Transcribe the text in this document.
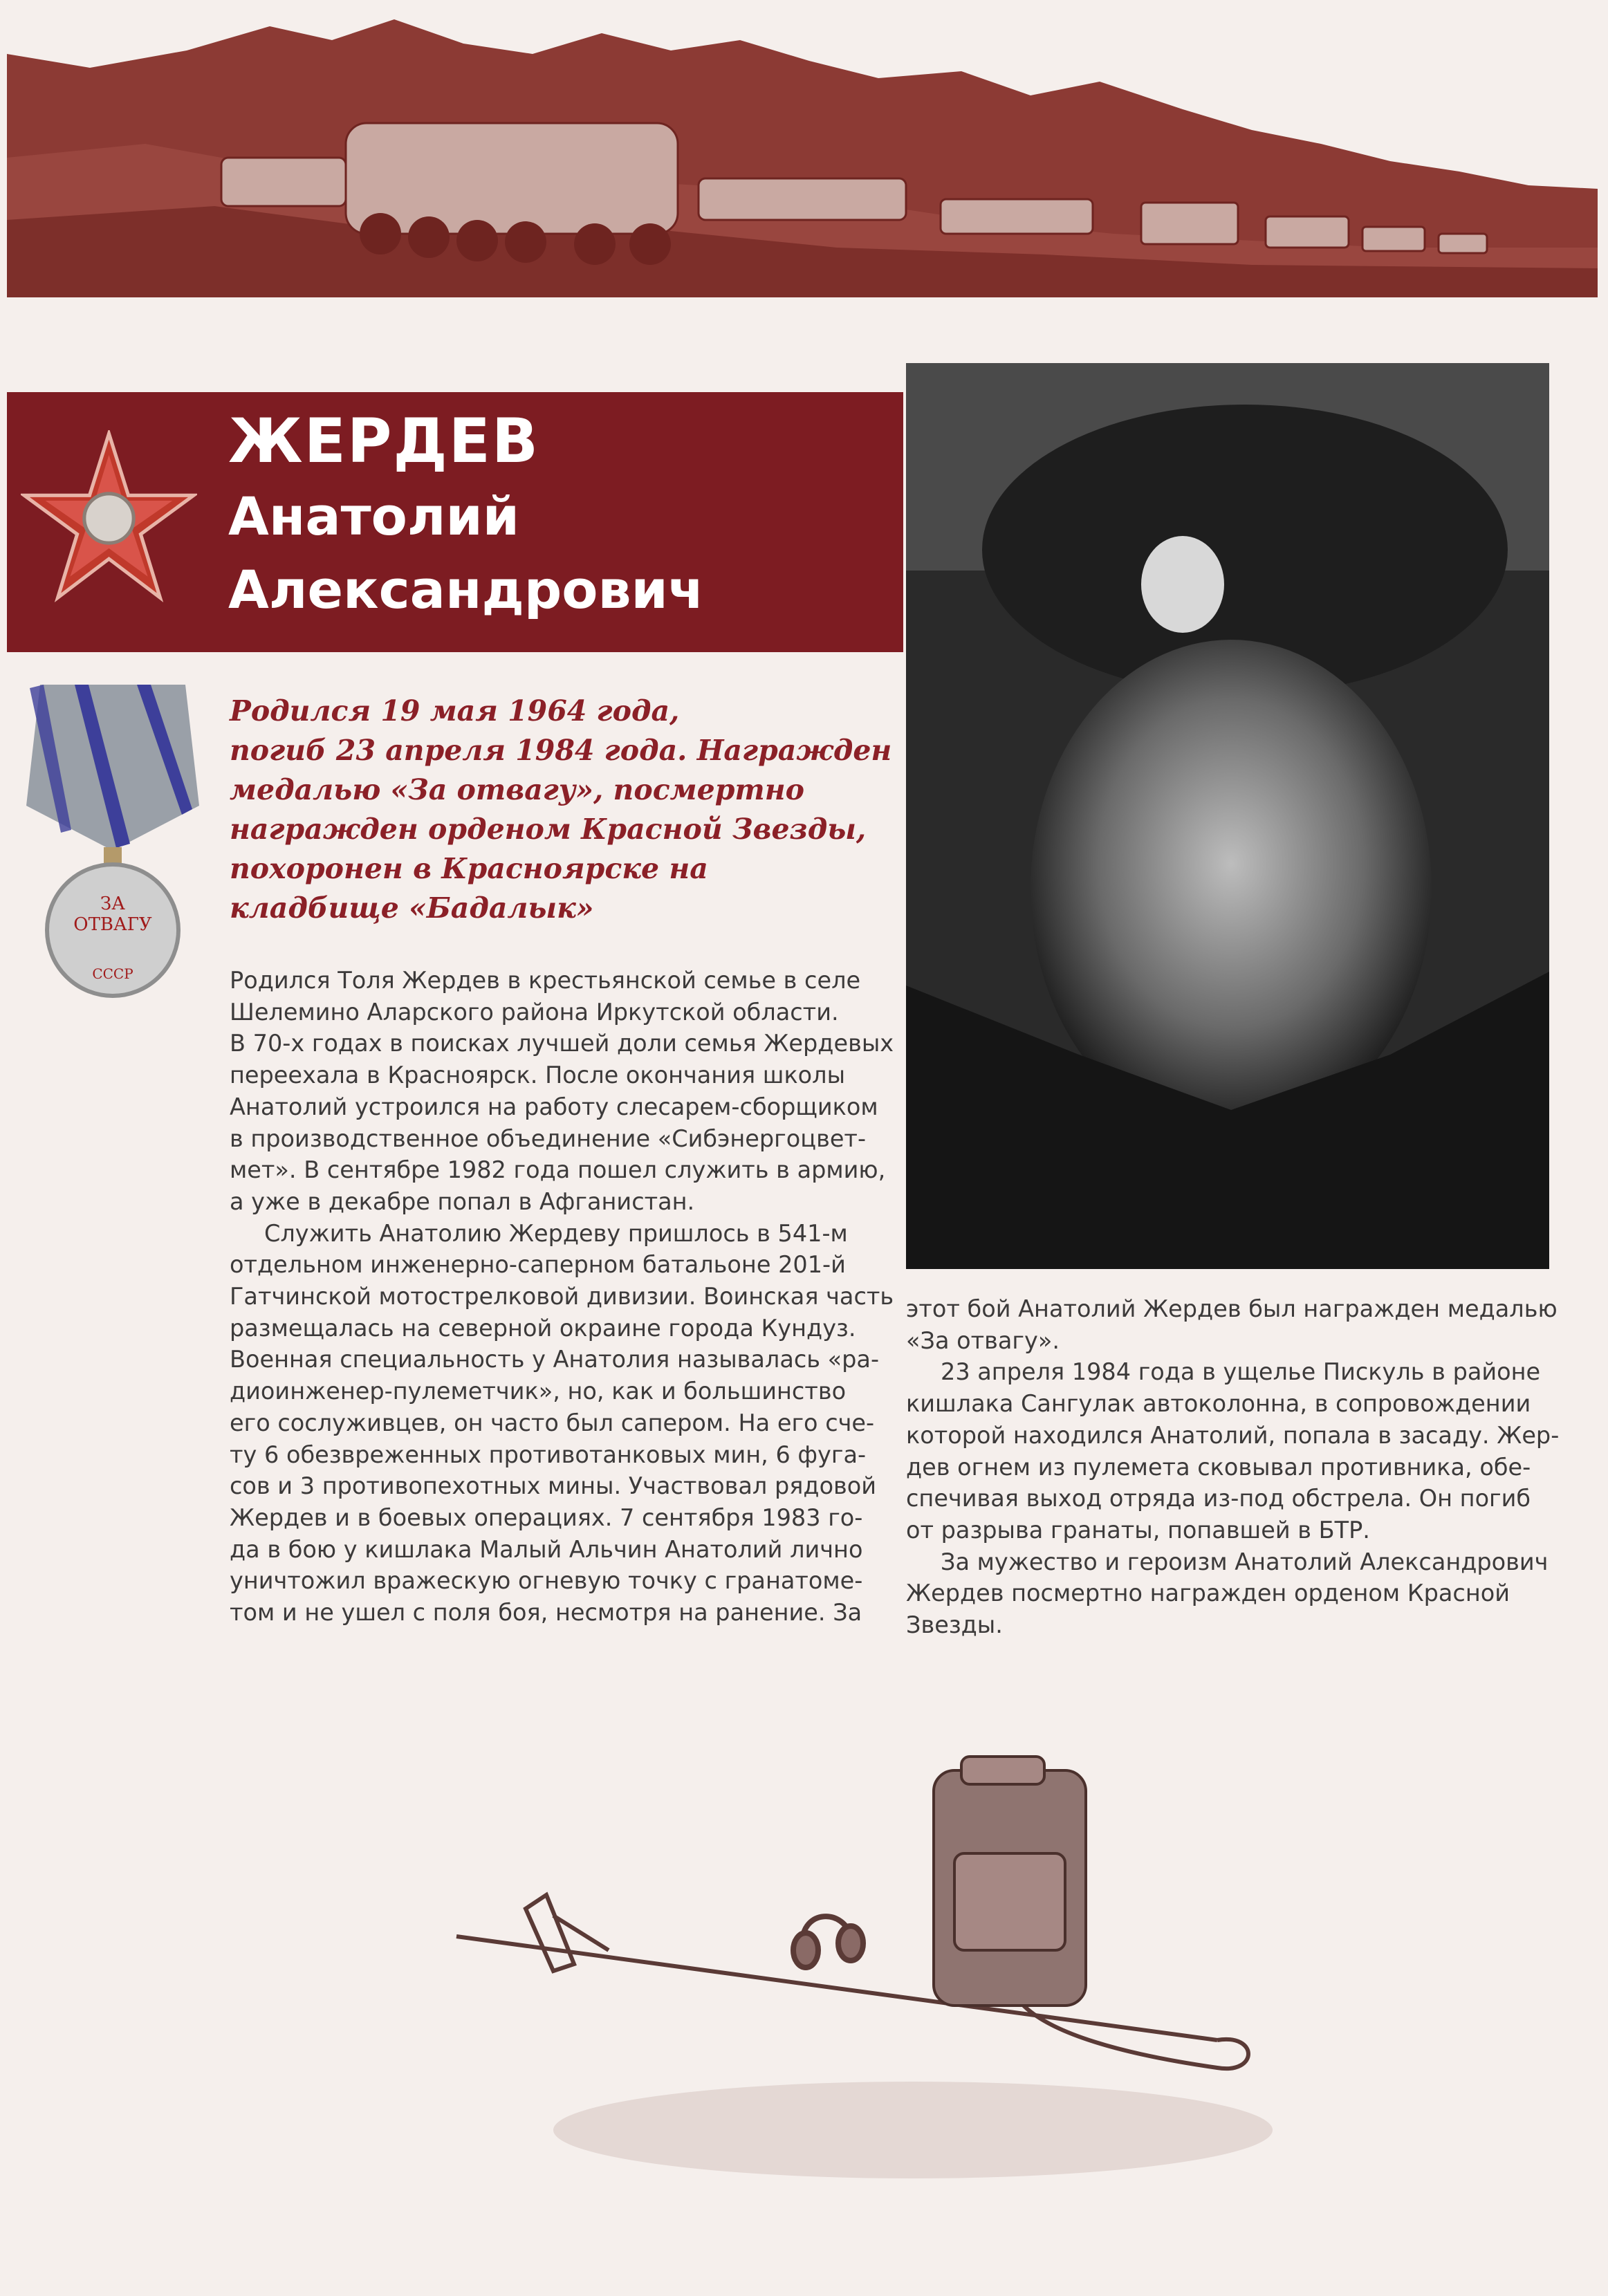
ЖЕРДЕВ
Анатолий
Александрович
ЗА
ОТВАГУ
СССР
Родился 19 мая 1964 года,
погиб 23 апреля 1984 года. Награжден
медалью «За отвагу», посмертно
награжден орденом Красной Звезды,
похоронен в Красноярске на
кладбище «Бадалык»
Родился Толя Жердев в крестьянской семье в селе
Шелемино Аларского района Иркутской области.
В 70-х годах в поисках лучшей доли семья Жердевых
переехала в Красноярск. После окончания школы
Анатолий устроился на работу слесарем-сборщиком
в производственное объединение «Сибэнергоцвет-
мет». В сентябре 1982 года пошел служить в армию,
а уже в декабре попал в Афганистан.
Служить Анатолию Жердеву пришлось в 541-м
отдельном инженерно-саперном батальоне 201-й
Гатчинской мотострелковой дивизии. Воинская часть
размещалась на северной окраине города Кундуз.
Военная специальность у Анатолия называлась «ра-
диоинженер-пулеметчик», но, как и большинство
его сослуживцев, он часто был сапером. На его сче-
ту 6 обезвреженных противотанковых мин, 6 фуга-
сов и 3 противопехотных мины. Участвовал рядовой
Жердев и в боевых операциях. 7 сентября 1983 го-
да в бою у кишлака Малый Альчин Анатолий лично
уничтожил вражескую огневую точку с гранатоме-
том и не ушел с поля боя, несмотря на ранение. За
этот бой Анатолий Жердев был награжден медалью
«За отвагу».
23 апреля 1984 года в ущелье Пискуль в районе
кишлака Сангулак автоколонна, в сопровождении
которой находился Анатолий, попала в засаду. Жер-
дев огнем из пулемета сковывал противника, обе-
спечивая выход отряда из-под обстрела. Он погиб
от разрыва гранаты, попавшей в БТР.
За мужество и героизм Анатолий Александрович
Жердев посмертно награжден орденом Красной
Звезды.
